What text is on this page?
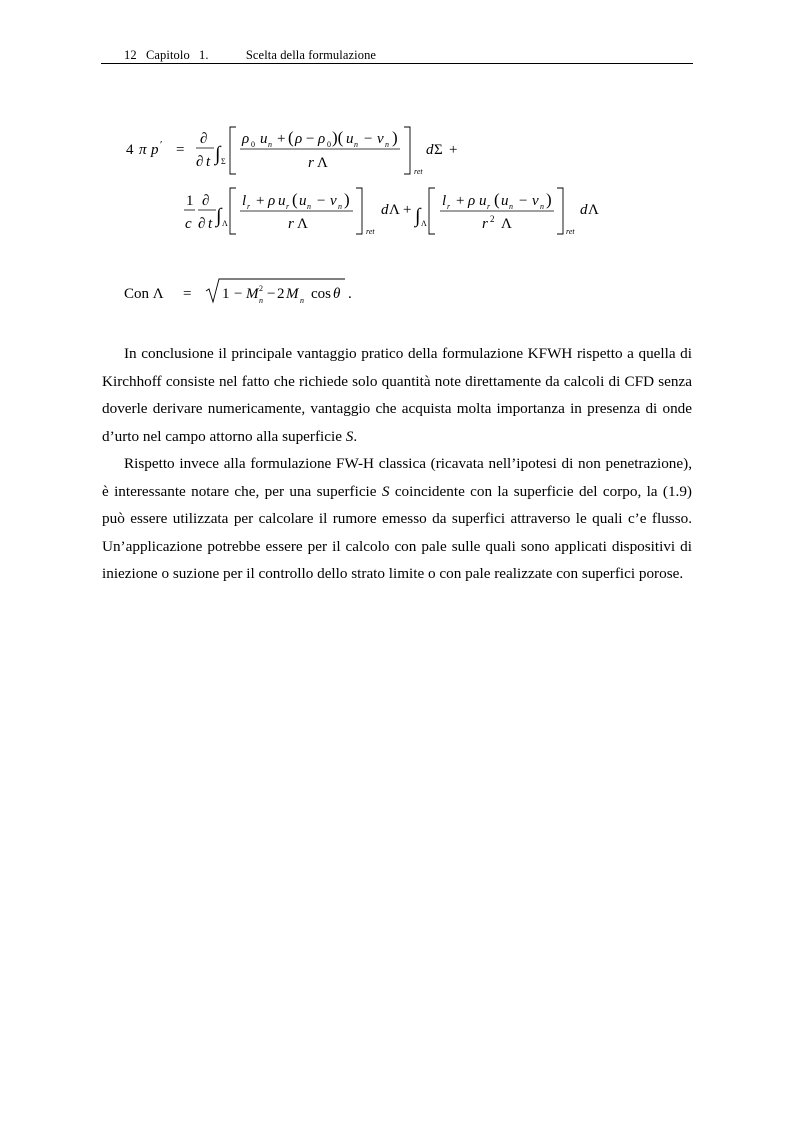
12 Capitolo 1.	Scelta della formulazione
4 π p ′ =
∂
∂ t ∫ Σ
ρ 0 u n + ( ρ − ρ 0 )( u n − v n )
r Λ
ret
d Σ +
1
c
∂
∂ t ∫ Λ
l r + ρ u r ( u n − v n )
r Λ	ret
d Λ + ∫ Λ
l r + ρ u r ( u n − v n )
r 2 Λ	ret
d Λ
Con Λ = 1 − M 2
n − 2 M n cos θ .
In conclusione il principale vantaggio pratico della formulazione KFWH rispetto a quella di Kirchhoff consiste nel fatto che richiede solo quantità note direttamente da calcoli di CFD senza doverle derivare numericamente, vantaggio che acquista molta importanza in presenza di onde d’urto nel campo attorno alla superficie S.
Rispetto invece alla formulazione FW-H classica (ricavata nell’ipotesi di non penetrazione), è interessante notare che, per una superficie S coincidente con la superficie del corpo, la (1.9) può essere utilizzata per calcolare il rumore emesso da superfici attraverso le quali c’e flusso. Un’applicazione potrebbe essere per il calcolo con pale sulle quali sono applicati dispositivi di iniezione o suzione per il controllo dello strato limite o con pale realizzate con superfici porose.
